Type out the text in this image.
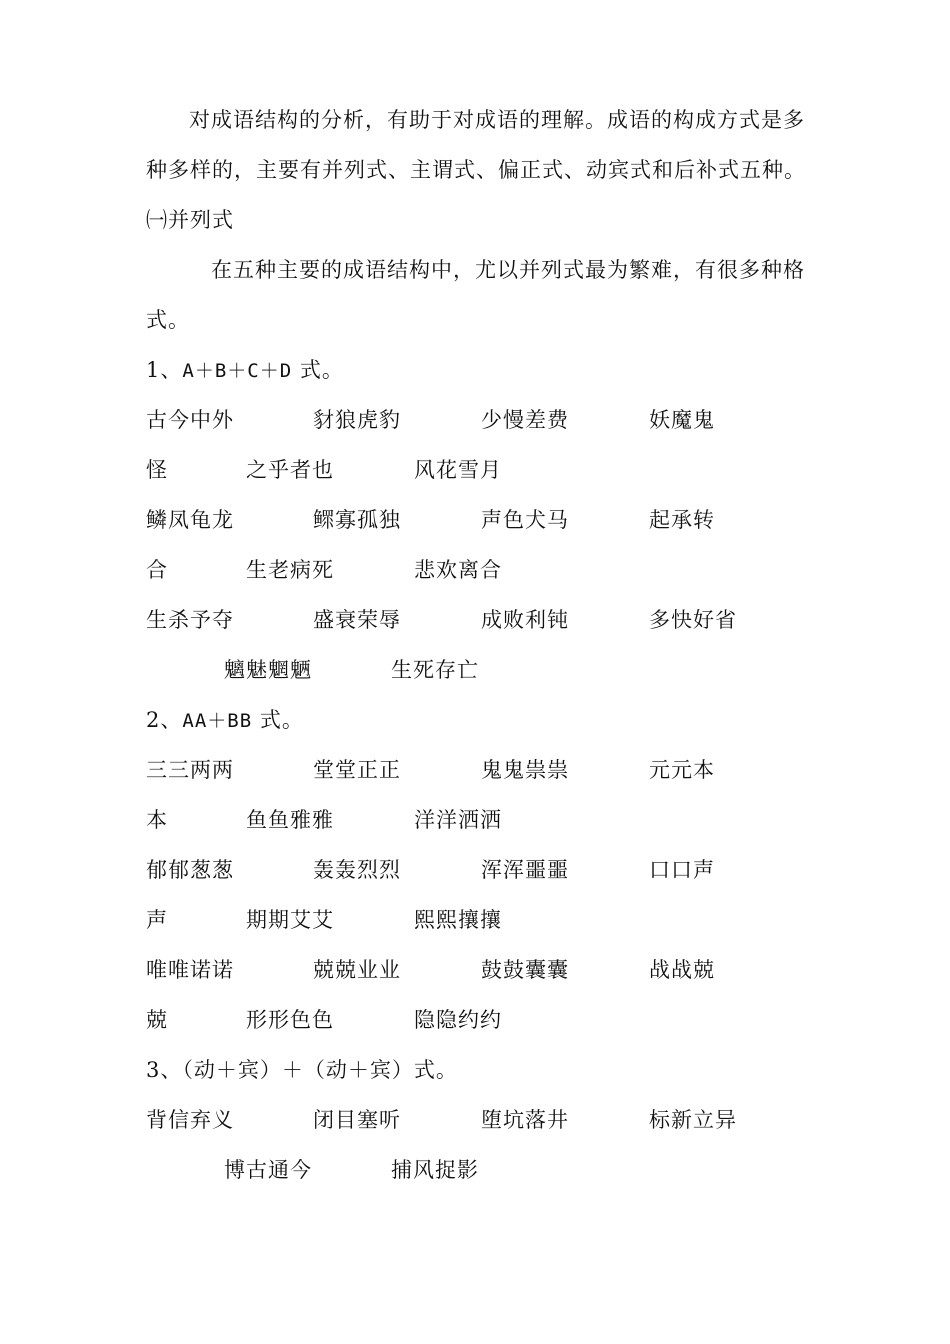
对成语结构的分析，有助于对成语的理解。成语的构成方式是多
种多样的，主要有并列式、主谓式、偏正式、动宾式和后补式五种。
㈠并列式
在五种主要的成语结构中，尤以并列式最为繁难，有很多种格
式。
1、A＋B＋C＋D 式。
古今中外	豺狼虎豹	少慢差费	妖魔鬼
怪	之乎者也	风花雪月
鳞凤龟龙	鳏寡孤独	声色犬马	起承转
合	生老病死	悲欢离合
生杀予夺	盛衰荣辱	成败利钝	多快好省
魑魅魍魉	生死存亡
2、AA＋BB 式。
三三两两	堂堂正正	鬼鬼祟祟	元元本
本	鱼鱼雅雅	洋洋洒洒
郁郁葱葱	轰轰烈烈	浑浑噩噩	口口声
声	期期艾艾	熙熙攘攘
唯唯诺诺	兢兢业业	鼓鼓囊囊	战战兢
兢	形形色色	隐隐约约
3、（动＋宾）＋（动＋宾）式。
背信弃义	闭目塞听	堕坑落井	标新立异
博古通今	捕风捉影
